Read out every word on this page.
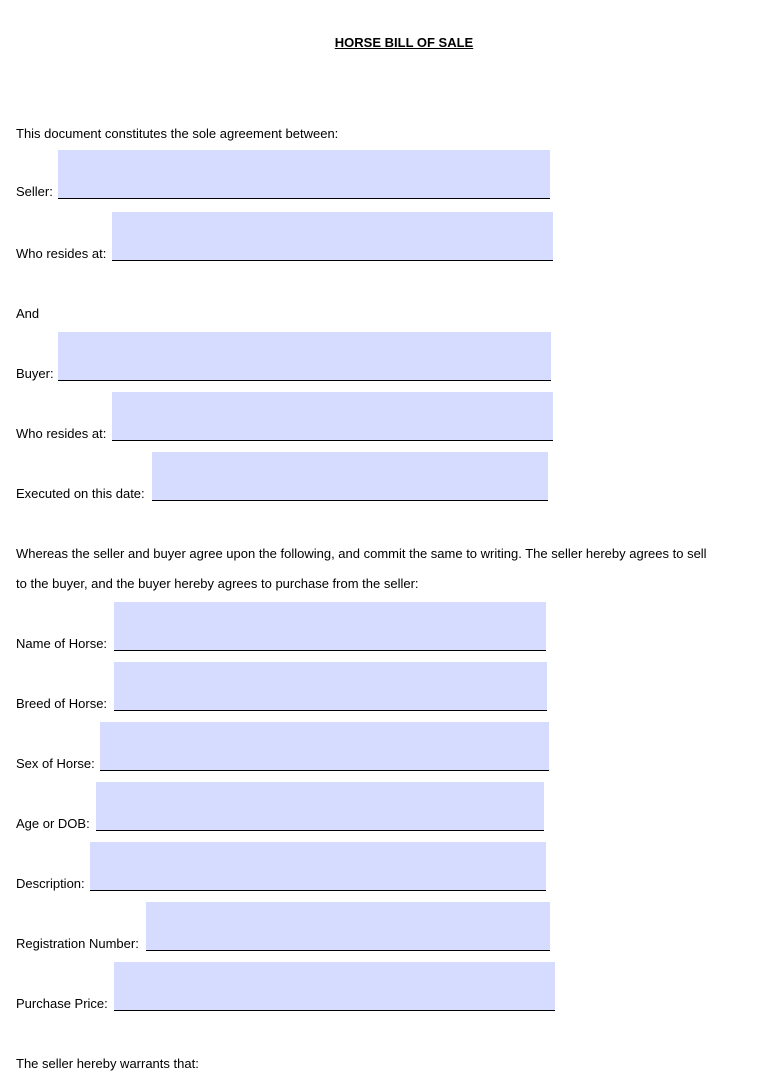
HORSE BILL OF SALE
This document constitutes the sole agreement between:
Seller:
Who resides at:
And
Buyer:
Who resides at:
Executed on this date:
Whereas the seller and buyer agree upon the following, and commit the same to writing. The seller hereby agrees to sell
to the buyer, and the buyer hereby agrees to purchase from the seller:
Name of Horse:
Breed of Horse:
Sex of Horse:
Age or DOB:
Description:
Registration Number:
Purchase Price:
The seller hereby warrants that:
